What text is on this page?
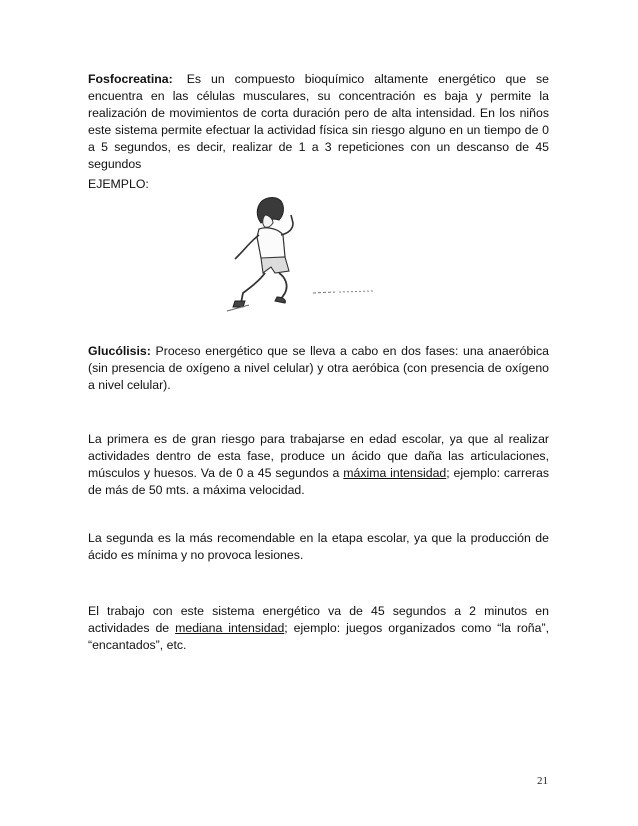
Fosfocreatina: Es un compuesto bioquímico altamente energético que se encuentra en las células musculares, su concentración es baja y permite la realización de movimientos de corta duración pero de alta intensidad. En los niños este sistema permite efectuar la actividad física sin riesgo alguno en un tiempo de 0 a 5 segundos, es decir, realizar de 1 a 3 repeticiones con un descanso de 45 segundos

EJEMPLO:

Glucólisis: Proceso energético que se lleva a cabo en dos fases: una anaeróbica (sin presencia de oxígeno a nivel celular) y otra aeróbica (con presencia de oxígeno a nivel celular).

La primera es de gran riesgo para trabajarse en edad escolar, ya que al realizar actividades dentro de esta fase, produce un ácido que daña las articulaciones, músculos y huesos. Va de 0 a 45 segundos a máxima intensidad; ejemplo: carreras de más de 50 mts. a máxima velocidad.

La segunda es la más recomendable en la etapa escolar, ya que la producción de ácido es mínima y no provoca lesiones.

El trabajo con este sistema energético va de 45 segundos a 2 minutos en actividades de mediana intensidad; ejemplo: juegos organizados como “la roña”, “encantados”, etc.

21
